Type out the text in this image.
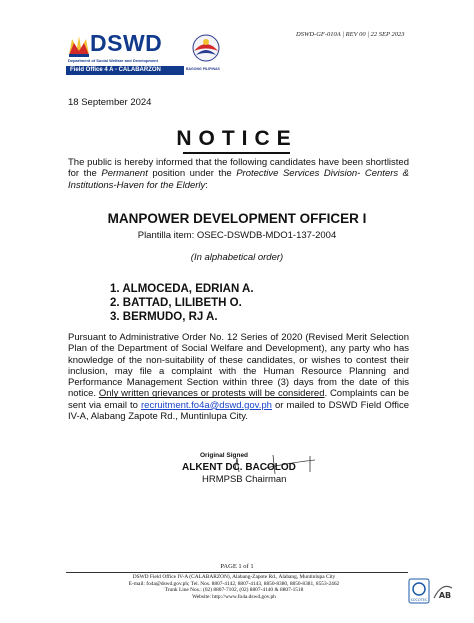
DSWD
Department of Social Welfare and Development
Field Office 4 A - CALABARZON	BAGONG PILIPINAS
DSWD-GF-010A | REV 00 | 22 SEP 2023
18 September 2024
NOTICE
The public is hereby informed that the following candidates have been shortlisted for the Permanent position under the Protective Services Division- Centers & Institutions-Haven for the Elderly:
MANPOWER DEVELOPMENT OFFICER I
Plantilla item: OSEC-DSWDB-MDO1-137-2004
(In alphabetical order)
1. ALMOCEDA, EDRIAN A.
2. BATTAD, LILIBETH O.
3. BERMUDO, RJ A.
Pursuant to Administrative Order No. 12 Series of 2020 (Revised Merit Selection Plan of the Department of Social Welfare and Development), any party who has knowledge of the non-suitability of these candidates, or wishes to contest their inclusion, may file a complaint with the Human Resource Planning and Performance Management Section within three (3) days from the date of this notice. Only written grievances or protests will be considered. Complaints can be sent via email to recruitment.fo4a@dswd.gov.ph or mailed to DSWD Field Office IV-A, Alabang Zapote Rd., Muntinlupa City.
Original Signed
ALKENT DC. BACOLOD
HRMPSB Chairman
PAGE 1 of 1
DSWD Field Office IV-A (CALABARZON), Alabang-Zapote Rd., Alabang, Muntinlupa City
E-mail: fo4a@dswd.gov.ph; Tel. Nos. 8807-4142, 8807-4143, 8850-8380, 8850-8381, 8553-2462
Trunk Line Nos.: (02) 8807-7102, (02) 8807-4140 & 8807-1518
Website: http://www.fo4a.dswd.gov.ph
SOCOTEC AB
